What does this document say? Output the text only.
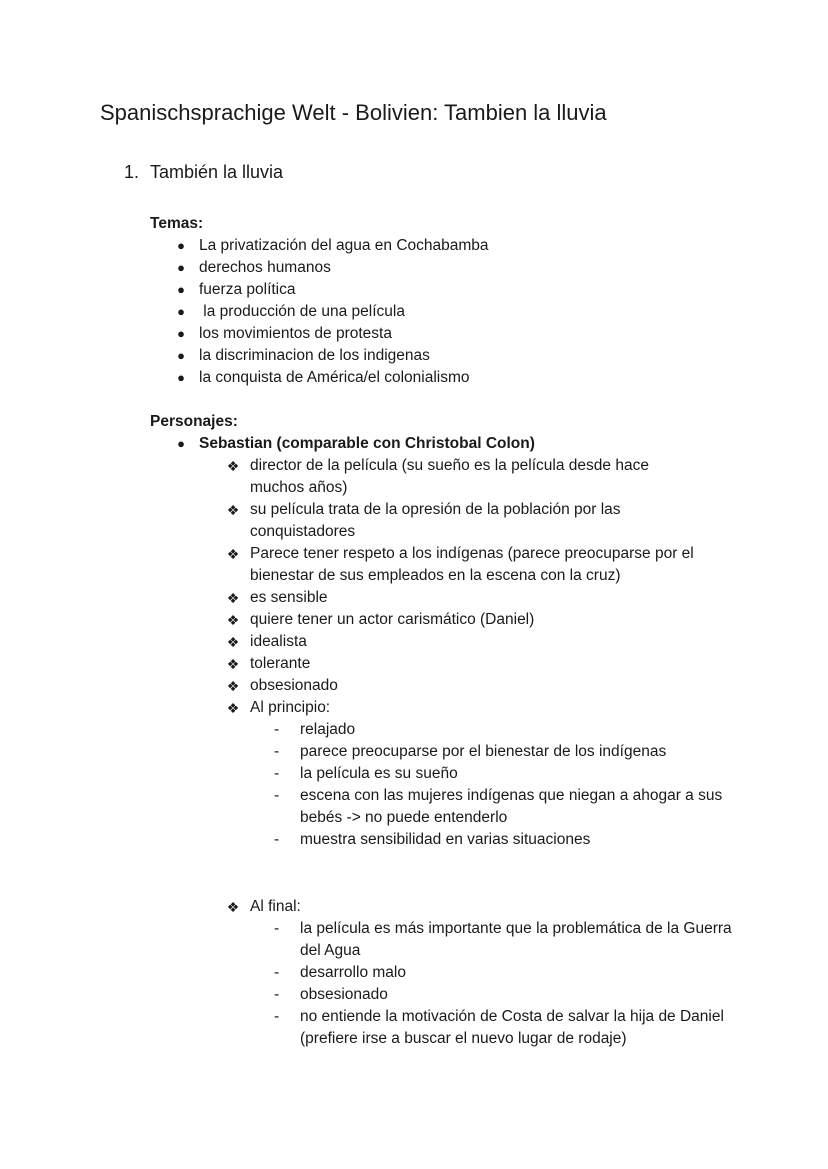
Spanischsprachige Welt - Bolivien: Tambien la lluvia
1. También la lluvia
Temas:
● La privatización del agua en Cochabamba
● derechos humanos
● fuerza política
● la producción de una película
● los movimientos de protesta
● la discriminacion de los indigenas
● la conquista de América/el colonialismo
Personajes:
● Sebastian (comparable con Christobal Colon)
❖ director de la película (su sueño es la película desde hace muchos años)
❖ su película trata de la opresión de la población por las conquistadores
❖ Parece tener respeto a los indígenas (parece preocuparse por el bienestar de sus empleados en la escena con la cruz)
❖ es sensible
❖ quiere tener un actor carismático (Daniel)
❖ idealista
❖ tolerante
❖ obsesionado
❖ Al principio:
-	relajado
-	parece preocuparse por el bienestar de los indígenas
-	la película es su sueño
-	escena con las mujeres indígenas que niegan a ahogar a sus bebés -> no puede entenderlo
-	muestra sensibilidad en varias situaciones
❖ Al final:
-	la película es más importante que la problemática de la Guerra del Agua
-	desarrollo malo
-	obsesionado
-	no entiende la motivación de Costa de salvar la hija de Daniel (prefiere irse a buscar el nuevo lugar de rodaje)
